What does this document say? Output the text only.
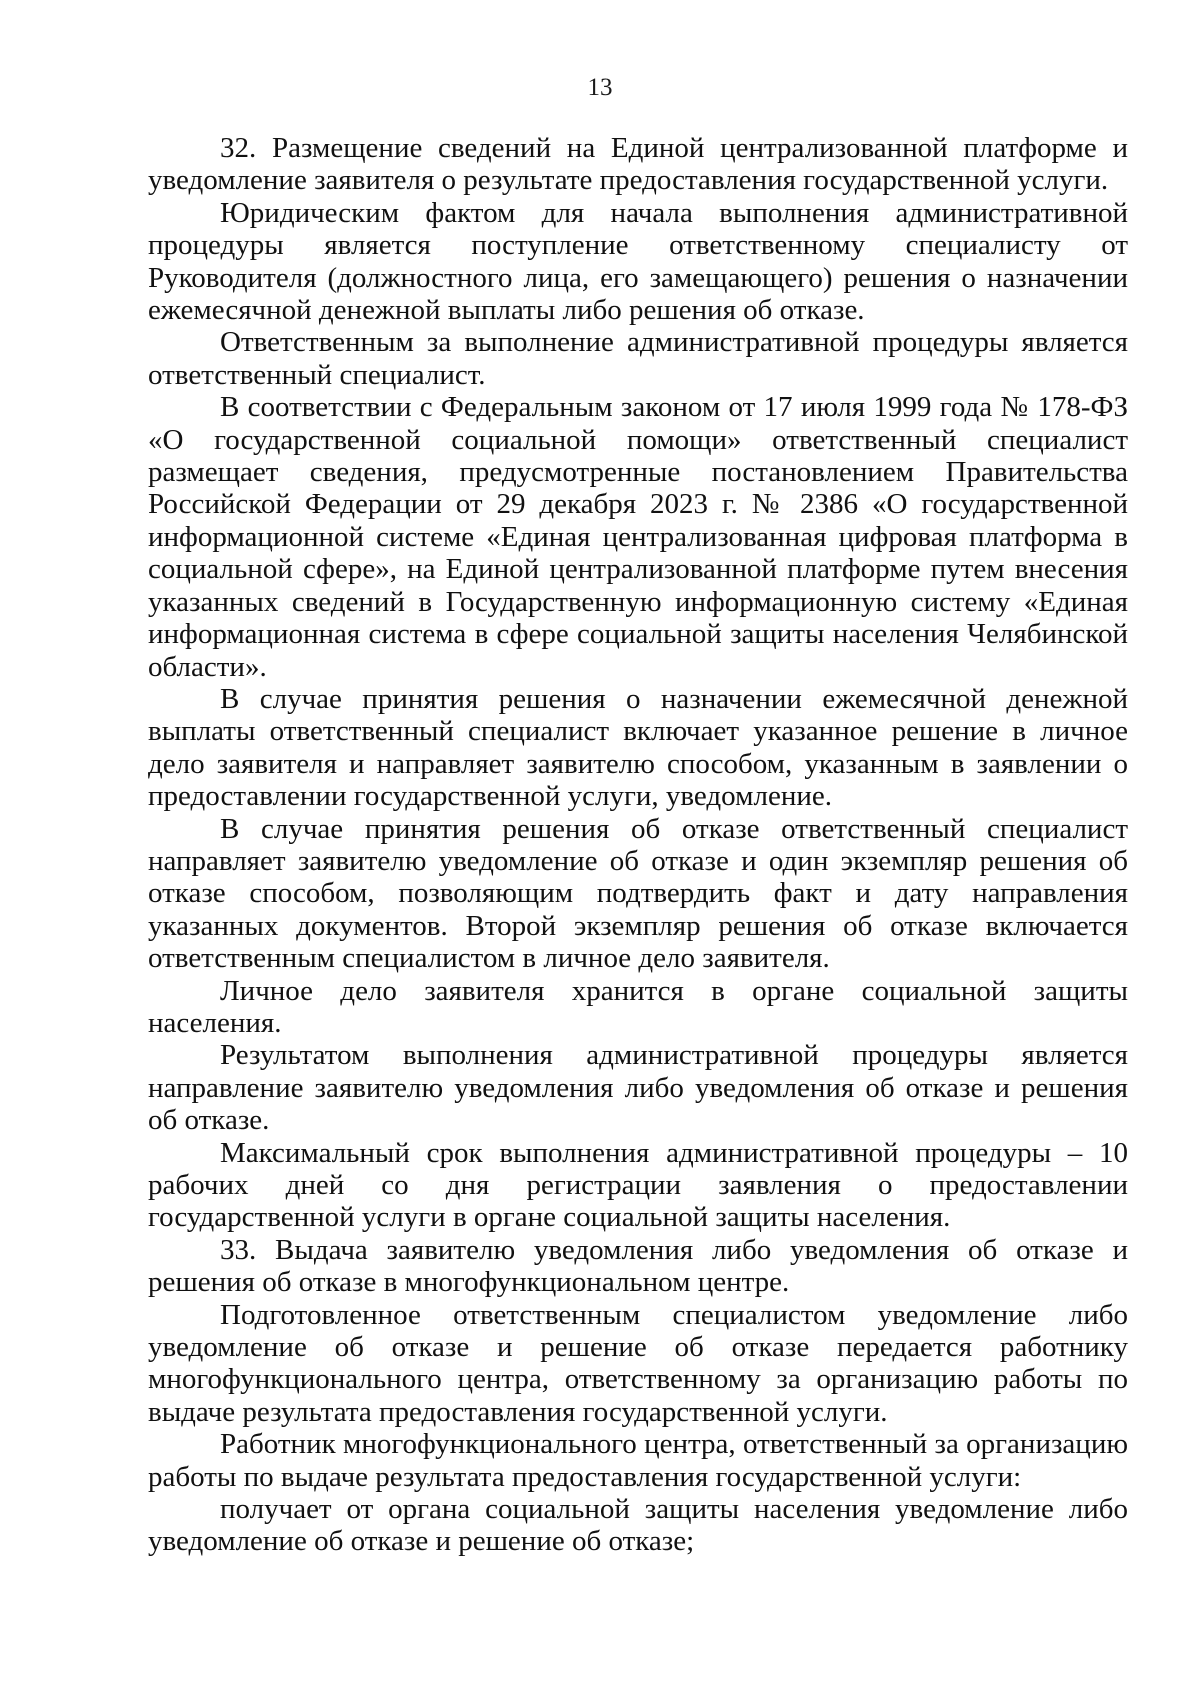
13

32. Размещение сведений на Единой централизованной платформе и уведомление заявителя о результате предоставления государственной услуги.

Юридическим фактом для начала выполнения административной процедуры является поступление ответственному специалисту от Руководителя (должностного лица, его замещающего) решения о назначении ежемесячной денежной выплаты либо решения об отказе.

Ответственным за выполнение административной процедуры является ответственный специалист.

В соответствии с Федеральным законом от 17 июля 1999 года № 178-ФЗ «О государственной социальной помощи» ответственный специалист размещает сведения, предусмотренные постановлением Правительства Российской Федерации от 29 декабря 2023 г. № 2386 «О государственной информационной системе «Единая централизованная цифровая платформа в социальной сфере», на Единой централизованной платформе путем внесения указанных сведений в Государственную информационную систему «Единая информационная система в сфере социальной защиты населения Челябинской области».

В случае принятия решения о назначении ежемесячной денежной выплаты ответственный специалист включает указанное решение в личное дело заявителя и направляет заявителю способом, указанным в заявлении о предоставлении государственной услуги, уведомление.

В случае принятия решения об отказе ответственный специалист направляет заявителю уведомление об отказе и один экземпляр решения об отказе способом, позволяющим подтвердить факт и дату направления указанных документов. Второй экземпляр решения об отказе включается ответственным специалистом в личное дело заявителя.

Личное дело заявителя хранится в органе социальной защиты населения.

Результатом выполнения административной процедуры является направление заявителю уведомления либо уведомления об отказе и решения об отказе.

Максимальный срок выполнения административной процедуры – 10 рабочих дней со дня регистрации заявления о предоставлении государственной услуги в органе социальной защиты населения.

33. Выдача заявителю уведомления либо уведомления об отказе и решения об отказе в многофункциональном центре.

Подготовленное ответственным специалистом уведомление либо уведомление об отказе и решение об отказе передается работнику многофункционального центра, ответственному за организацию работы по выдаче результата предоставления государственной услуги.

Работник многофункционального центра, ответственный за организацию работы по выдаче результата предоставления государственной услуги:

получает от органа социальной защиты населения уведомление либо уведомление об отказе и решение об отказе;
